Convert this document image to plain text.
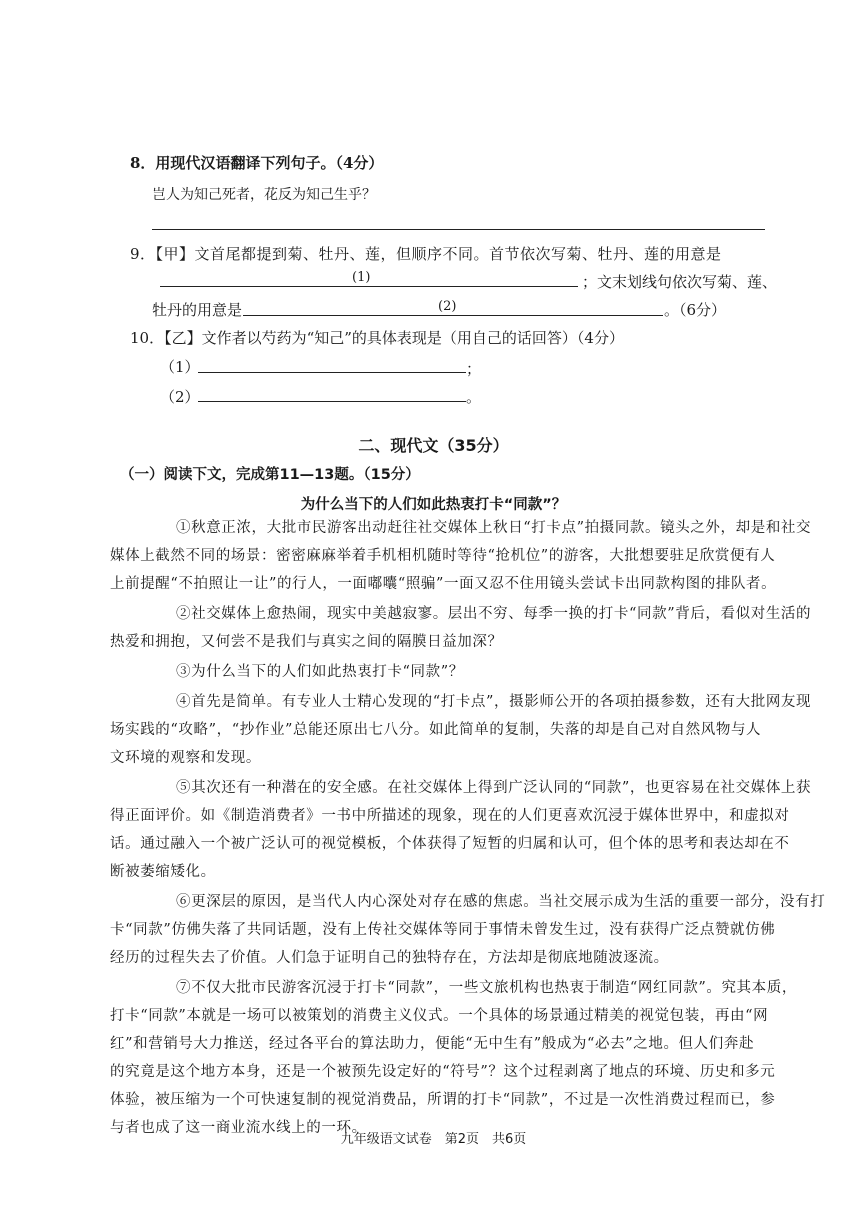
8．用现代汉语翻译下列句子。（4分）
岂人为知己死者，花反为知己生乎？
9．【甲】文首尾都提到菊、牡丹、莲，但顺序不同。首节依次写菊、牡丹、莲的用意是
(1)	；文末划线句依次写菊、莲、
牡丹的用意是	(2)	。（6分）
10．【乙】文作者以芍药为“知己”的具体表现是（用自己的话回答）（4分）
（1）	；
（2）	。
二、现代文（35分）
（一）阅读下文，完成第11—13题。（15分）
为什么当下的人们如此热衷打卡“同款”？
①秋意正浓，大批市民游客出动赶往社交媒体上秋日“打卡点”拍摄同款。镜头之外，却是和社交
媒体上截然不同的场景：密密麻麻举着手机相机随时等待“抢机位”的游客，大批想要驻足欣赏便有人
上前提醒“不拍照让一让”的行人，一面嘟囔“照骗”一面又忍不住用镜头尝试卡出同款构图的排队者。
②社交媒体上愈热闹，现实中美越寂寥。层出不穷、每季一换的打卡“同款”背后，看似对生活的
热爱和拥抱，又何尝不是我们与真实之间的隔膜日益加深？
③为什么当下的人们如此热衷打卡“同款”？
④首先是简单。有专业人士精心发现的“打卡点”，摄影师公开的各项拍摄参数，还有大批网友现
场实践的“攻略”，“抄作业”总能还原出七八分。如此简单的复制，失落的却是自己对自然风物与人
文环境的观察和发现。
⑤其次还有一种潜在的安全感。在社交媒体上得到广泛认同的“同款”，也更容易在社交媒体上获
得正面评价。如《制造消费者》一书中所描述的现象，现在的人们更喜欢沉浸于媒体世界中，和虚拟对
话。通过融入一个被广泛认可的视觉模板，个体获得了短暂的归属和认可，但个体的思考和表达却在不
断被萎缩矮化。
⑥更深层的原因，是当代人内心深处对存在感的焦虑。当社交展示成为生活的重要一部分，没有打
卡“同款”仿佛失落了共同话题，没有上传社交媒体等同于事情未曾发生过，没有获得广泛点赞就仿佛
经历的过程失去了价值。人们急于证明自己的独特存在，方法却是彻底地随波逐流。
⑦不仅大批市民游客沉浸于打卡“同款”，一些文旅机构也热衷于制造“网红同款”。究其本质，
打卡“同款”本就是一场可以被策划的消费主义仪式。一个具体的场景通过精美的视觉包装，再由“网
红”和营销号大力推送，经过各平台的算法助力，便能“无中生有”般成为“必去”之地。但人们奔赴
的究竟是这个地方本身，还是一个被预先设定好的“符号”？这个过程剥离了地点的环境、历史和多元
体验，被压缩为一个可快速复制的视觉消费品，所谓的打卡“同款”，不过是一次性消费过程而已，参
与者也成了这一商业流水线上的一环。
九年级语文试卷　第2页　共6页
